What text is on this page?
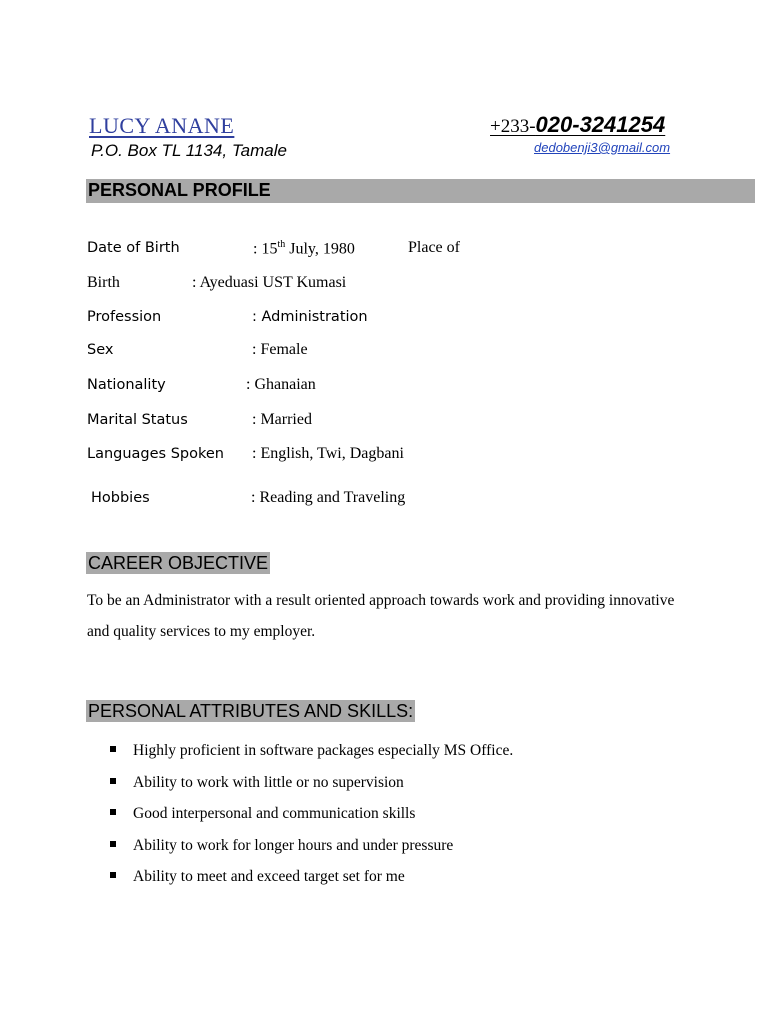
LUCY ANANE
P.O. Box TL 1134, Tamale
+233-020-3241254
dedobenji3@gmail.com
PERSONAL PROFILE
Date of Birth	: 15th July, 1980	Place of
Birth	: Ayeduasi UST Kumasi
Profession	: Administration
Sex	: Female
Nationality	: Ghanaian
Marital Status	: Married
Languages Spoken : English, Twi, Dagbani
Hobbies	: Reading and Traveling
CAREER OBJECTIVE
To be an Administrator with a result oriented approach towards work and providing innovative
and quality services to my employer.
PERSONAL ATTRIBUTES AND SKILLS:
Highly proficient in software packages especially MS Office.
Ability to work with little or no supervision
Good interpersonal and communication skills
Ability to work for longer hours and under pressure
Ability to meet and exceed target set for me
